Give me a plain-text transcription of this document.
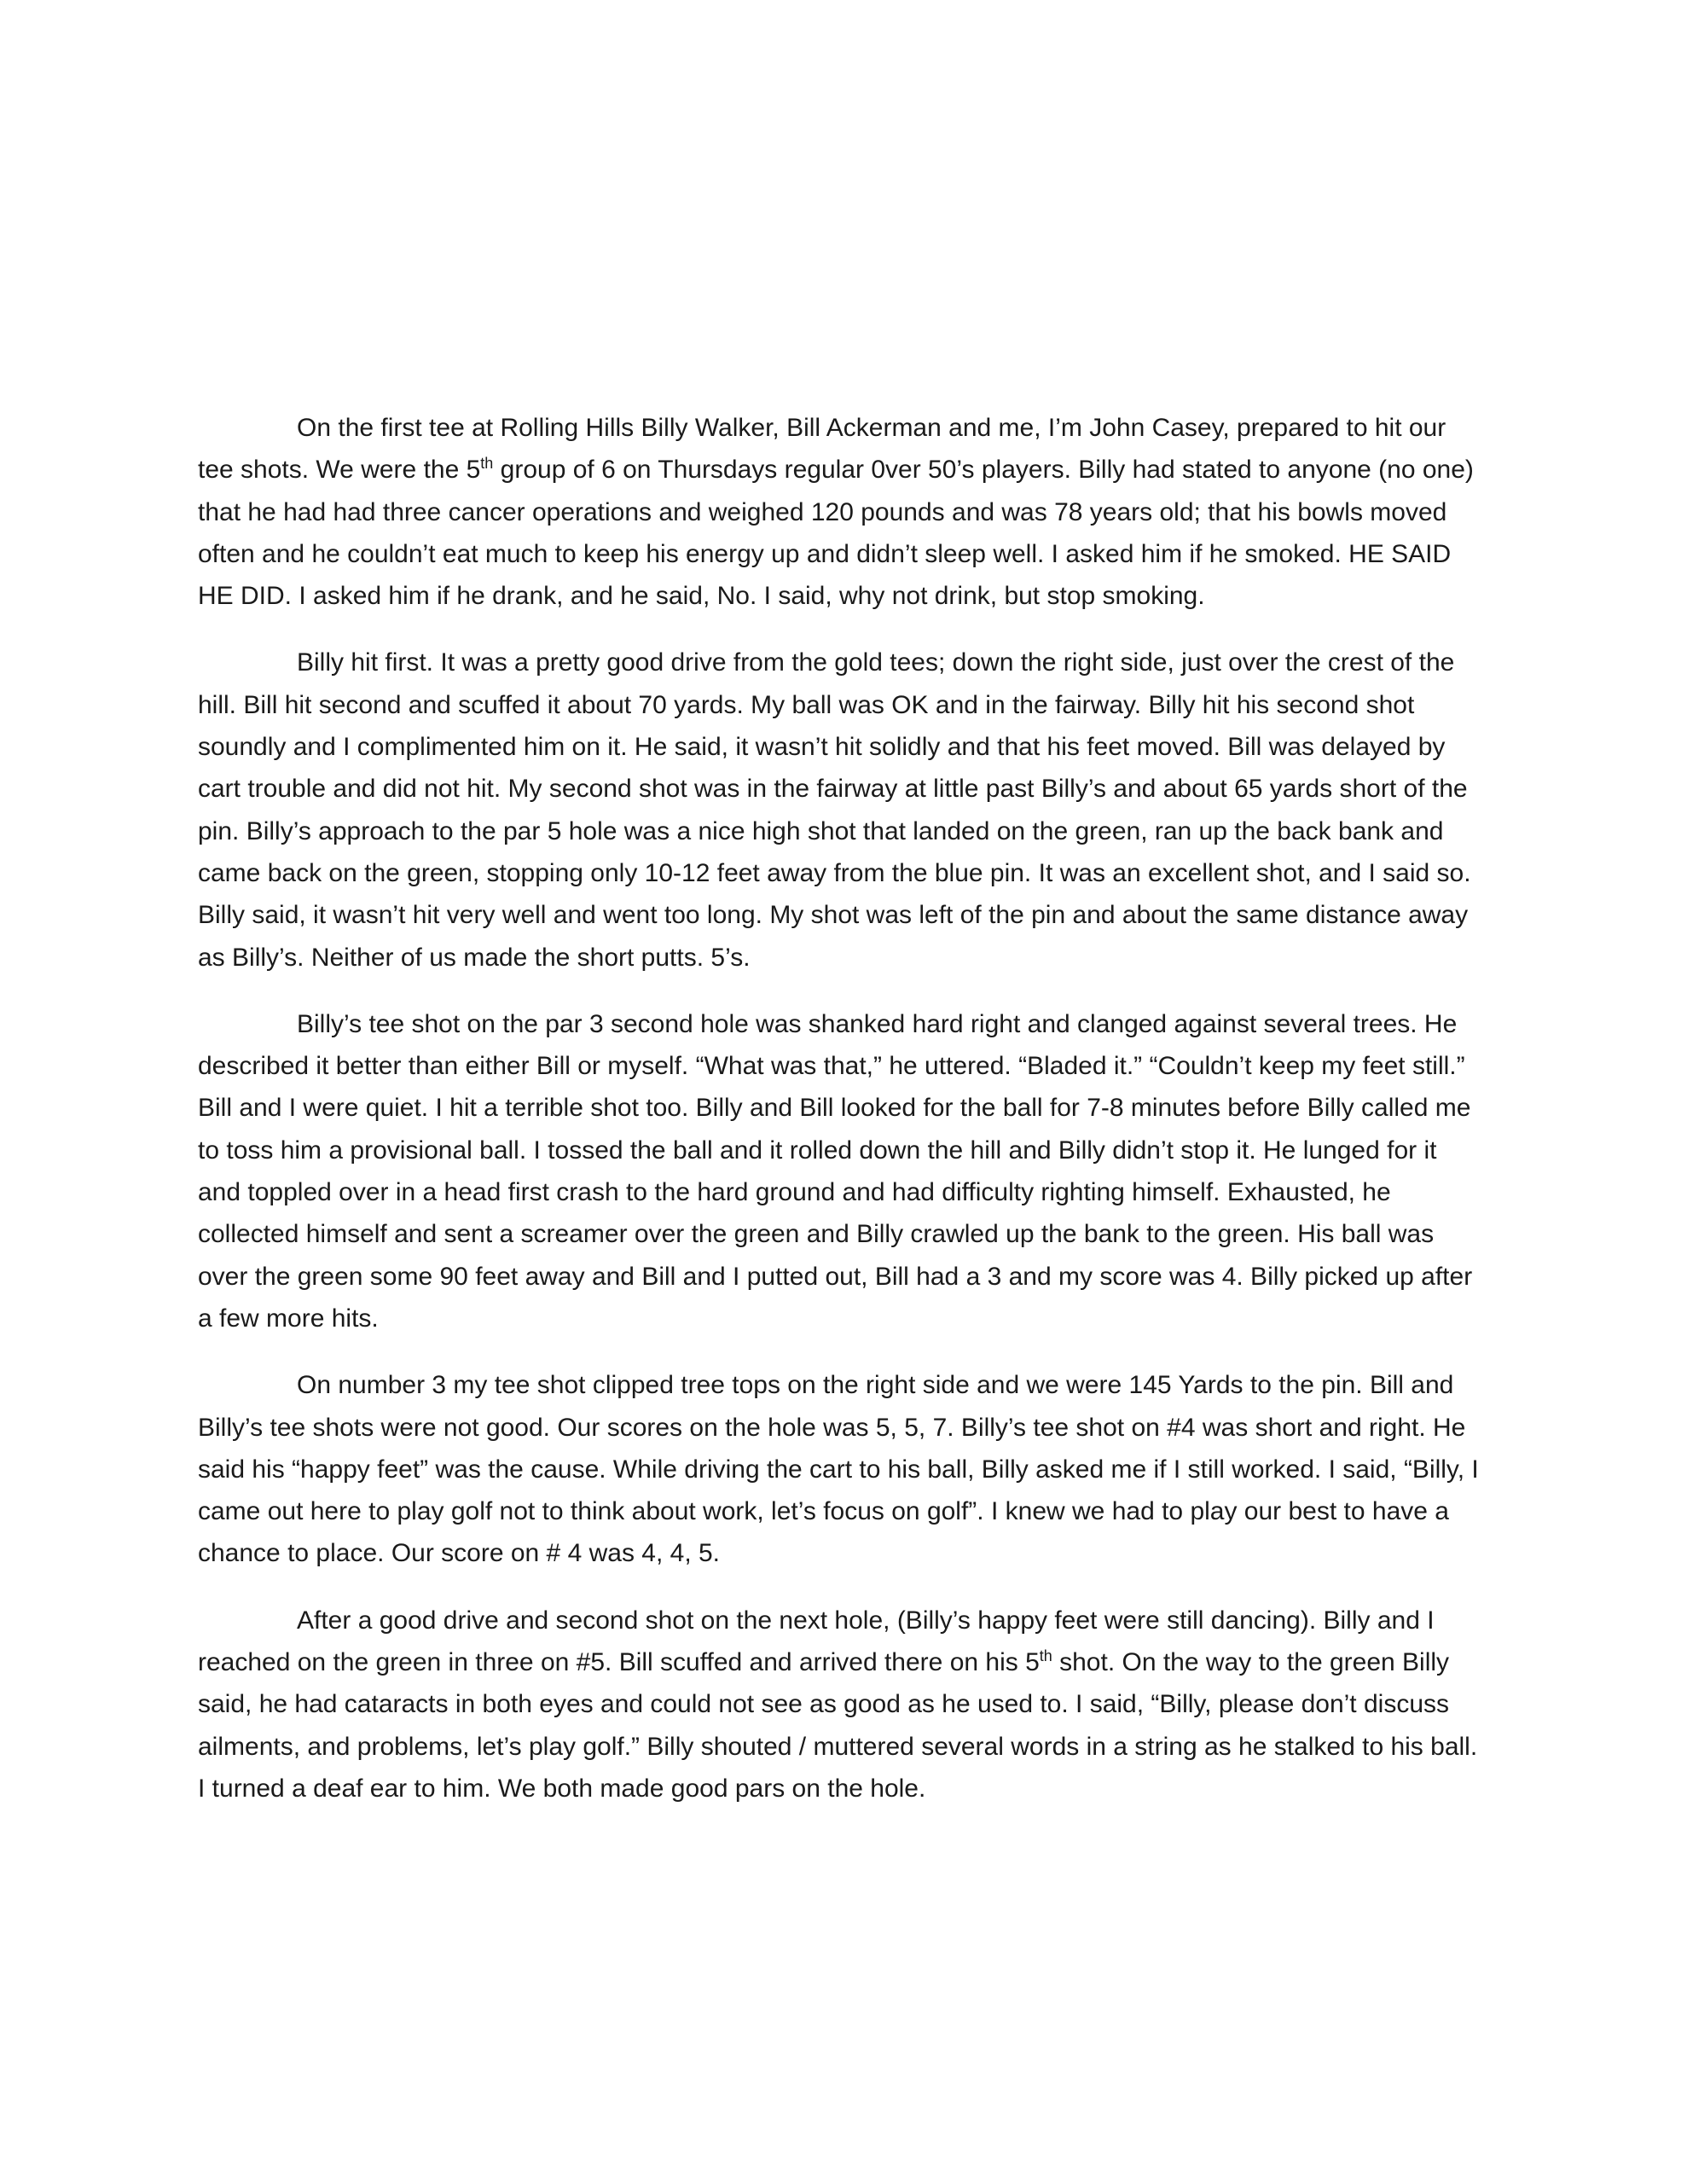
On the first tee at Rolling Hills Billy Walker, Bill Ackerman and me, I’m John Casey, prepared to hit our tee shots. We were the 5th group of 6 on Thursdays regular 0ver 50’s players. Billy had stated to anyone (no one) that he had had three cancer operations and weighed 120 pounds and was 78 years old; that his bowls moved often and he couldn’t eat much to keep his energy up and didn’t sleep well. I asked him if he smoked. HE SAID HE DID. I asked him if he drank, and he said, No. I said, why not drink, but stop smoking.

Billy hit first. It was a pretty good drive from the gold tees; down the right side, just over the crest of the hill. Bill hit second and scuffed it about 70 yards. My ball was OK and in the fairway. Billy hit his second shot soundly and I complimented him on it. He said, it wasn’t hit solidly and that his feet moved. Bill was delayed by cart trouble and did not hit. My second shot was in the fairway at little past Billy’s and about 65 yards short of the pin. Billy’s approach to the par 5 hole was a nice high shot that landed on the green, ran up the back bank and came back on the green, stopping only 10-12 feet away from the blue pin. It was an excellent shot, and I said so. Billy said, it wasn’t hit very well and went too long. My shot was left of the pin and about the same distance away as Billy’s. Neither of us made the short putts. 5’s.

Billy’s tee shot on the par 3 second hole was shanked hard right and clanged against several trees. He described it better than either Bill or myself. “What was that,” he uttered. “Bladed it.” “Couldn’t keep my feet still.” Bill and I were quiet. I hit a terrible shot too. Billy and Bill looked for the ball for 7-8 minutes before Billy called me to toss him a provisional ball. I tossed the ball and it rolled down the hill and Billy didn’t stop it. He lunged for it and toppled over in a head first crash to the hard ground and had difficulty righting himself. Exhausted, he collected himself and sent a screamer over the green and Billy crawled up the bank to the green. His ball was over the green some 90 feet away and Bill and I putted out, Bill had a 3 and my score was 4. Billy picked up after a few more hits.

On number 3 my tee shot clipped tree tops on the right side and we were 145 Yards to the pin. Bill and Billy’s tee shots were not good. Our scores on the hole was 5, 5, 7. Billy’s tee shot on #4 was short and right. He said his “happy feet” was the cause. While driving the cart to his ball, Billy asked me if I still worked. I said, “Billy, I came out here to play golf not to think about work, let’s focus on golf”. I knew we had to play our best to have a chance to place. Our score on # 4 was 4, 4, 5.

After a good drive and second shot on the next hole, (Billy’s happy feet were still dancing). Billy and I reached on the green in three on #5. Bill scuffed and arrived there on his 5th shot. On the way to the green Billy said, he had cataracts in both eyes and could not see as good as he used to. I said, “Billy, please don’t discuss ailments, and problems, let’s play golf.” Billy shouted / muttered several words in a string as he stalked to his ball. I turned a deaf ear to him. We both made good pars on the hole.
